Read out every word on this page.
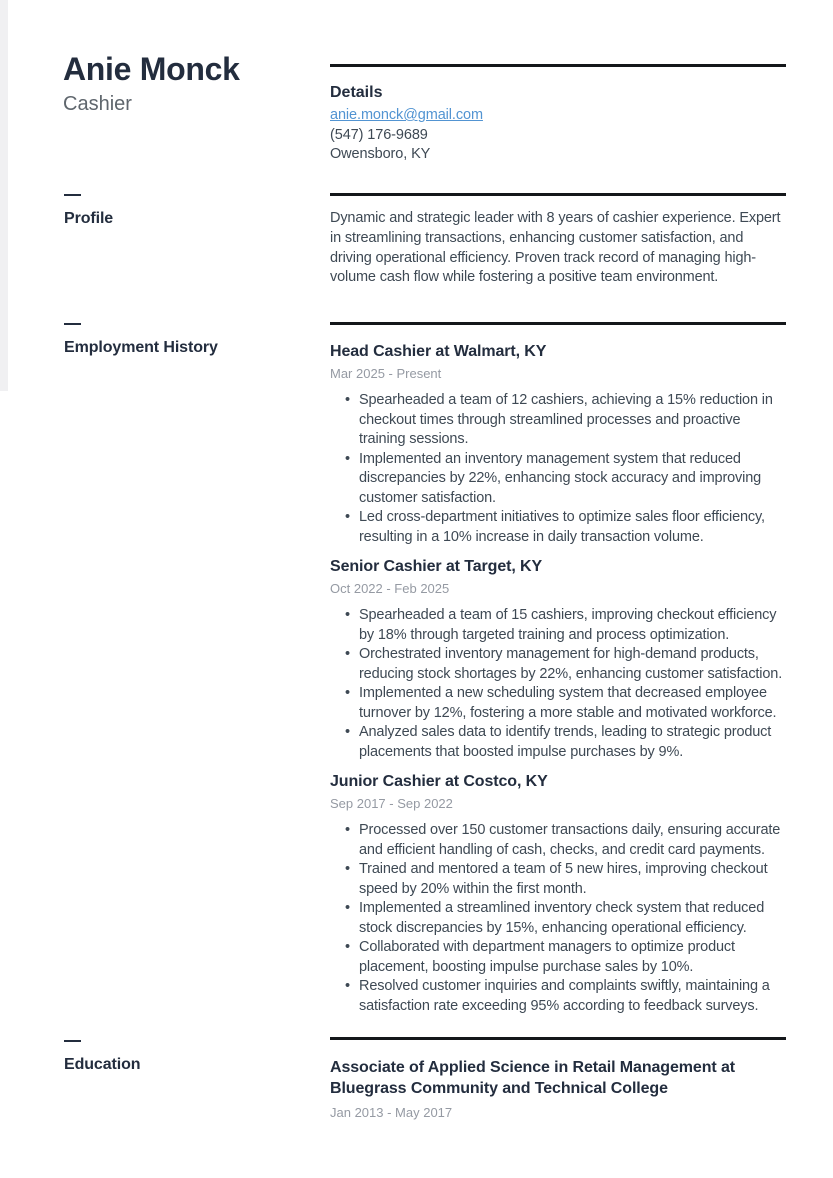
Anie Monck
Cashier
Profile
Employment History
Education
Details
anie.monck@gmail.com
(547) 176-9689
Owensboro, KY

Dynamic and strategic leader with 8 years of cashier experience. Expert in streamlining transactions, enhancing customer satisfaction, and driving operational efficiency. Proven track record of managing high-volume cash flow while fostering a positive team environment.

Head Cashier at Walmart, KY
Mar 2025 - Present
• Spearheaded a team of 12 cashiers, achieving a 15% reduction in checkout times through streamlined processes and proactive training sessions.
• Implemented an inventory management system that reduced discrepancies by 22%, enhancing stock accuracy and improving customer satisfaction.
• Led cross-department initiatives to optimize sales floor efficiency, resulting in a 10% increase in daily transaction volume.
Senior Cashier at Target, KY
Oct 2022 - Feb 2025
• Spearheaded a team of 15 cashiers, improving checkout efficiency by 18% through targeted training and process optimization.
• Orchestrated inventory management for high-demand products, reducing stock shortages by 22%, enhancing customer satisfaction.
• Implemented a new scheduling system that decreased employee turnover by 12%, fostering a more stable and motivated workforce.
• Analyzed sales data to identify trends, leading to strategic product placements that boosted impulse purchases by 9%.
Junior Cashier at Costco, KY
Sep 2017 - Sep 2022
• Processed over 150 customer transactions daily, ensuring accurate and efficient handling of cash, checks, and credit card payments.
• Trained and mentored a team of 5 new hires, improving checkout speed by 20% within the first month.
• Implemented a streamlined inventory check system that reduced stock discrepancies by 15%, enhancing operational efficiency.
• Collaborated with department managers to optimize product placement, boosting impulse purchase sales by 10%.
• Resolved customer inquiries and complaints swiftly, maintaining a satisfaction rate exceeding 95% according to feedback surveys.
Associate of Applied Science in Retail Management at Bluegrass Community and Technical College
Jan 2013 - May 2017
